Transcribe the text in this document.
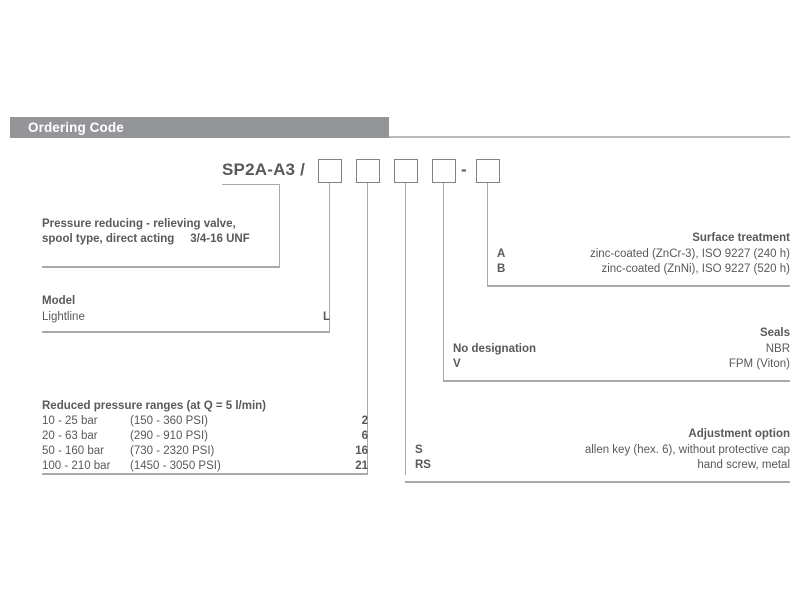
Ordering Code
SP2A-A3 /	-
Pressure reducing - relieving valve,
spool type, direct acting 3/4-16 UNF
Model
Lightline	L
Reduced pressure ranges (at Q = 5 l/min)
10 - 25 bar	(150 - 360 PSI)	2
20 - 63 bar	(290 - 910 PSI)	6
50 - 160 bar	(730 - 2320 PSI)	16
100 - 210 bar	(1450 - 3050 PSI)	21
Surface treatment
A	zinc-coated (ZnCr-3), ISO 9227 (240 h)
B	zinc-coated (ZnNi), ISO 9227 (520 h)
Seals
No designation	NBR
V	FPM (Viton)
Adjustment option
S	allen key (hex. 6), without protective cap
RS	hand screw, metal
